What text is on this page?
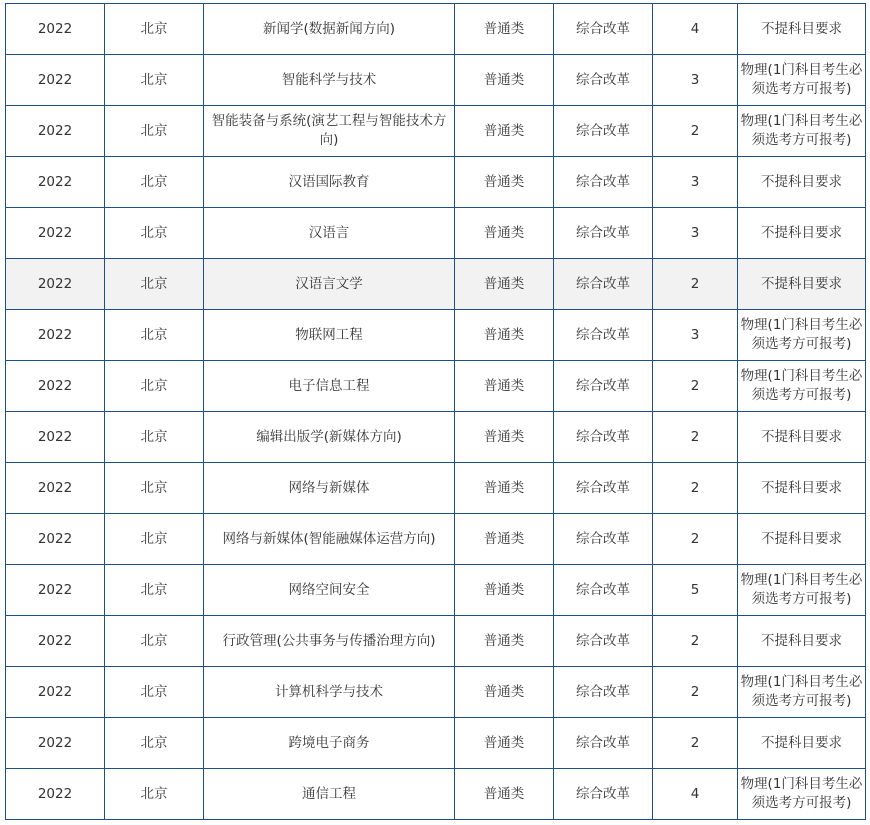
2022	北京	新闻学(数据新闻方向)	普通类	综合改革	4	不提科目要求
2022	北京	智能科学与技术	普通类	综合改革	3	物理(1门科目考生必须选考方可报考)
2022	北京	智能装备与系统(演艺工程与智能技术方向)	普通类	综合改革	2	物理(1门科目考生必须选考方可报考)
2022	北京	汉语国际教育	普通类	综合改革	3	不提科目要求
2022	北京	汉语言	普通类	综合改革	3	不提科目要求
2022	北京	汉语言文学	普通类	综合改革	2	不提科目要求
2022	北京	物联网工程	普通类	综合改革	3	物理(1门科目考生必须选考方可报考)
2022	北京	电子信息工程	普通类	综合改革	2	物理(1门科目考生必须选考方可报考)
2022	北京	编辑出版学(新媒体方向)	普通类	综合改革	2	不提科目要求
2022	北京	网络与新媒体	普通类	综合改革	2	不提科目要求
2022	北京	网络与新媒体(智能融媒体运营方向)	普通类	综合改革	2	不提科目要求
2022	北京	网络空间安全	普通类	综合改革	5	物理(1门科目考生必须选考方可报考)
2022	北京	行政管理(公共事务与传播治理方向)	普通类	综合改革	2	不提科目要求
2022	北京	计算机科学与技术	普通类	综合改革	2	物理(1门科目考生必须选考方可报考)
2022	北京	跨境电子商务	普通类	综合改革	2	不提科目要求
2022	北京	通信工程	普通类	综合改革	4	物理(1门科目考生必须选考方可报考)
